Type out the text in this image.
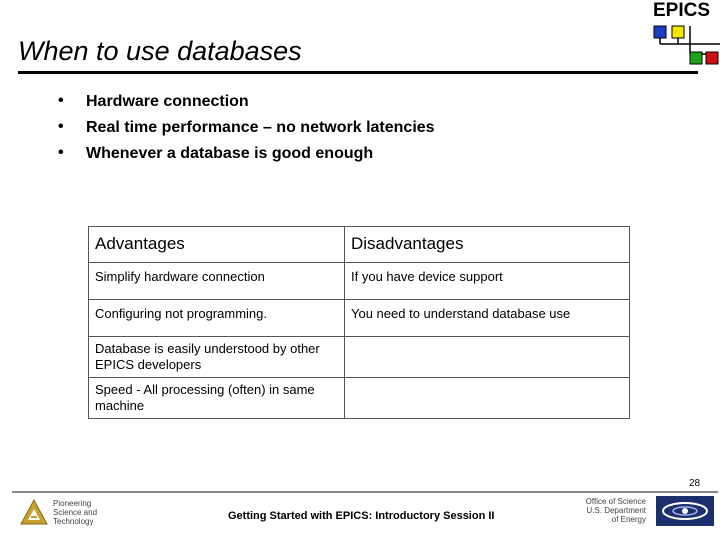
EPICS
When to use databases
• Hardware connection
• Real time performance – no network latencies
• Whenever a database is good enough
Advantages	Disadvantages
Simplify hardware connection	If you have device support
Configuring not programming.	You need to understand database use
Database is easily understood by other EPICS developers	
Speed - All processing (often) in same machine	
28
Pioneering
Science and
Technology	Getting Started with EPICS: Introductory Session II
Office of Science
U.S. Department
of Energy
